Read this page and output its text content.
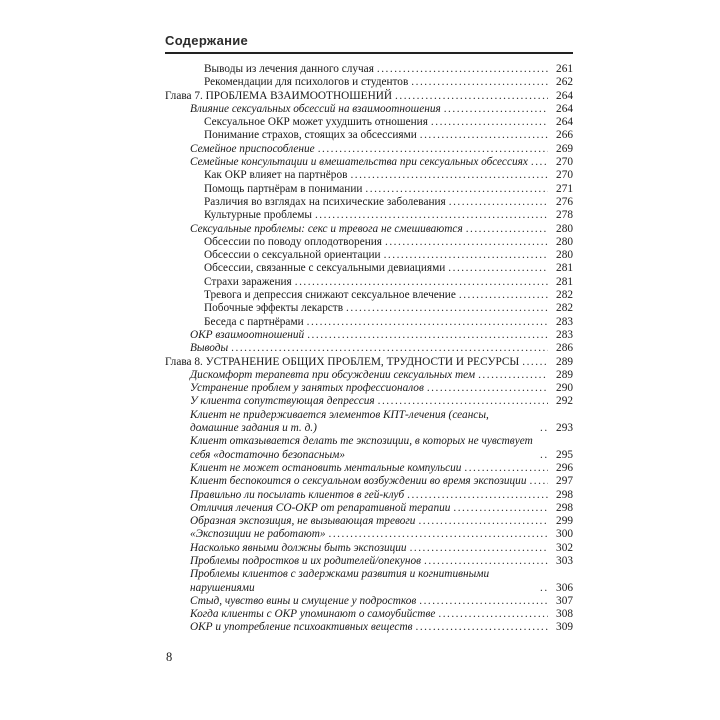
Содержание
Выводы из лечения данного случая .....	261
Рекомендации для психологов и студентов .....	262
Глава 7. ПРОБЛЕМА ВЗАИМООТНОШЕНИЙ .....	264
Влияние сексуальных обсессий на взаимоотношения .....	264
Сексуальное ОКР может ухудшить отношения .....	264
Понимание страхов, стоящих за обсессиями .....	266
Семейное приспособление .....	269
Семейные консультации и вмешательства при сексуальных обсессиях .....	270
Как ОКР влияет на партнёров .....	270
Помощь партнёрам в понимании .....	271
Различия во взглядах на психические заболевания .....	276
Культурные проблемы .....	278
Сексуальные проблемы: секс и тревога не смешиваются .....	280
Обсессии по поводу оплодотворения .....	280
Обсессии о сексуальной ориентации .....	280
Обсессии, связанные с сексуальными девиациями .....	281
Страхи заражения .....	281
Тревога и депрессия снижают сексуальное влечение .....	282
Побочные эффекты лекарств .....	282
Беседа с партнёрами .....	283
ОКР взаимоотношений .....	283
Выводы .....	286
Глава 8. УСТРАНЕНИЕ ОБЩИХ ПРОБЛЕМ, ТРУДНОСТИ И РЕСУРСЫ .....	289
Дискомфорт терапевта при обсуждении сексуальных тем .....	289
Устранение проблем у занятых профессионалов .....	290
У клиента сопутствующая депрессия .....	292
Клиент не придерживается элементов КПТ-лечения (сеансы, домашние задания и т. д.) .....	293
Клиент отказывается делать те экспозиции, в которых не чувствует себя «достаточно безопасным» .....	295
Клиент не может остановить ментальные компульсии .....	296
Клиент беспокоится о сексуальном возбуждении во время экспозиции .....	297
Правильно ли посылать клиентов в гей-клуб .....	298
Отличия лечения СО-ОКР от репаративной терапии .....	298
Образная экспозиция, не вызывающая тревоги .....	299
«Экспозиции не работают» .....	300
Насколько явными должны быть экспозиции .....	302
Проблемы подростков и их родителей/опекунов .....	303
Проблемы клиентов с задержками развития и когнитивными нарушениями .....	306
Стыд, чувство вины и смущение у подростков .....	307
Когда клиенты с ОКР упоминают о самоубийстве .....	308
ОКР и употребление психоактивных веществ .....	309
8
